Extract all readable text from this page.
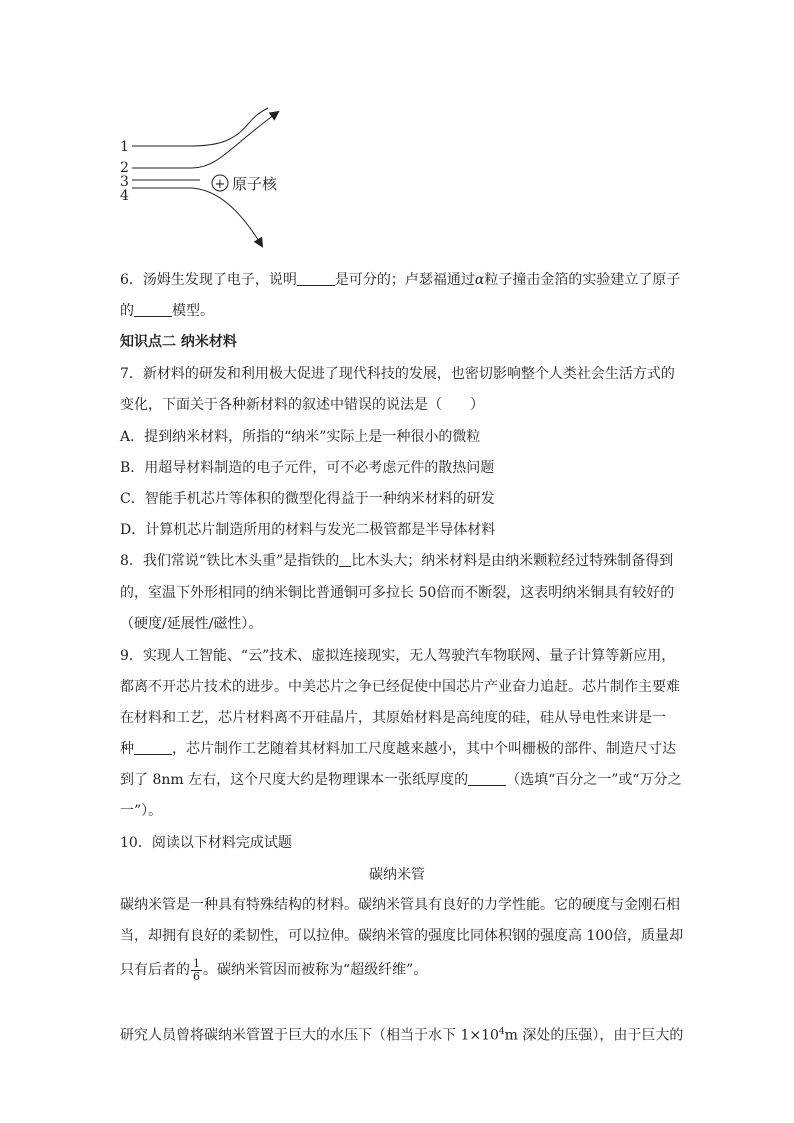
+ 原子核
1
2
3
4
6．汤姆生发现了电子，说明	是可分的；卢瑟福通过α粒子撞击金箔的实验建立了原子
的	模型。
知识点二 纳米材料
7．新材料的研发和利用极大促进了现代科技的发展，也密切影响整个人类社会生活方式的
变化，下面关于各种新材料的叙述中错误的说法是（　　）
A．提到纳米材料，所指的“纳米”实际上是一种很小的微粒
B．用超导材料制造的电子元件，可不必考虑元件的散热问题
C．智能手机芯片等体积的微型化得益于一种纳米材料的研发
D．计算机芯片制造所用的材料与发光二极管都是半导体材料
8．我们常说“铁比木头重”是指铁的 比木头大；纳米材料是由纳米颗粒经过特殊制备得到
的，室温下外形相同的纳米铜比普通铜可多拉长 50倍而不断裂，这表明纳米铜具有较好的
（硬度/延展性/磁性）。
9．实现人工智能、“云”技术、虚拟连接现实，无人驾驶汽车物联网、量子计算等新应用，
都离不开芯片技术的进步。中美芯片之争已经促使中国芯片产业奋力追赶。芯片制作主要难
在材料和工艺，芯片材料离不开硅晶片，其原始材料是高纯度的硅，硅从导电性来讲是一
种	，芯片制作工艺随着其材料加工尺度越来越小，其中个叫栅极的部件、制造尺寸达
到了 8nm 左右，这个尺度大约是物理课本一张纸厚度的	（选填“百分之一”或“万分之
一”）。
10．阅读以下材料完成试题
碳纳米管
碳纳米管是一种具有特殊结构的材料。碳纳米管具有良好的力学性能。它的硬度与金刚石相
当，却拥有良好的柔韧性，可以拉伸。碳纳米管的强度比同体积钢的强度高 100倍，质量却
只有后者的 $\frac{1}{6}$ 。碳纳米管因而被称为“超级纤维”。
研究人员曾将碳纳米管置于巨大的水压下（相当于水下 $1\times 10^4m$ 深处的压强），由于巨大的
